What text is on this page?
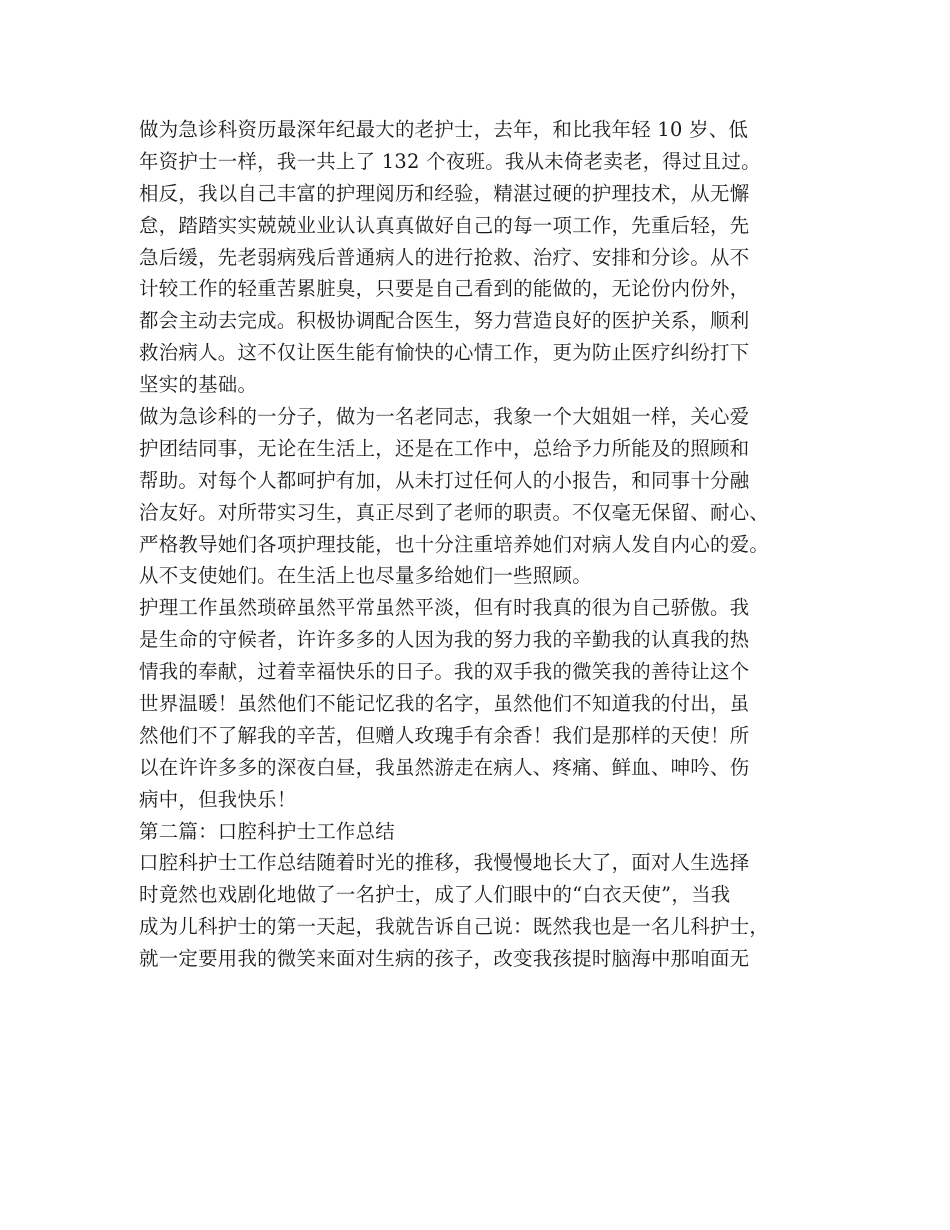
做为急诊科资历最深年纪最大的老护士，去年，和比我年轻 10 岁、低
年资护士一样，我一共上了 132 个夜班。我从未倚老卖老，得过且过。
相反，我以自己丰富的护理阅历和经验，精湛过硬的护理技术，从无懈
怠，踏踏实实兢兢业业认认真真做好自己的每一项工作，先重后轻，先
急后缓，先老弱病残后普通病人的进行抢救、治疗、安排和分诊。从不
计较工作的轻重苦累脏臭，只要是自己看到的能做的，无论份内份外，
都会主动去完成。积极协调配合医生，努力营造良好的医护关系，顺利
救治病人。这不仅让医生能有愉快的心情工作，更为防止医疗纠纷打下
坚实的基础。
做为急诊科的一分子，做为一名老同志，我象一个大姐姐一样，关心爱
护团结同事，无论在生活上，还是在工作中，总给予力所能及的照顾和
帮助。对每个人都呵护有加，从未打过任何人的小报告，和同事十分融
洽友好。对所带实习生，真正尽到了老师的职责。不仅毫无保留、耐心、
严格教导她们各项护理技能，也十分注重培养她们对病人发自内心的爱。
从不支使她们。在生活上也尽量多给她们一些照顾。
护理工作虽然琐碎虽然平常虽然平淡，但有时我真的很为自己骄傲。我
是生命的守候者，许许多多的人因为我的努力我的辛勤我的认真我的热
情我的奉献，过着幸福快乐的日子。我的双手我的微笑我的善待让这个
世界温暖！虽然他们不能记忆我的名字，虽然他们不知道我的付出，虽
然他们不了解我的辛苦，但赠人玫瑰手有余香！我们是那样的天使！所
以在许许多多的深夜白昼，我虽然游走在病人、疼痛、鲜血、呻吟、伤
病中，但我快乐！
第二篇：口腔科护士工作总结
口腔科护士工作总结随着时光的推移，我慢慢地长大了，面对人生选择
时竟然也戏剧化地做了一名护士，成了人们眼中的“白衣天使”，当我
成为儿科护士的第一天起，我就告诉自己说：既然我也是一名儿科护士，
就一定要用我的微笑来面对生病的孩子，改变我孩提时脑海中那咱面无
